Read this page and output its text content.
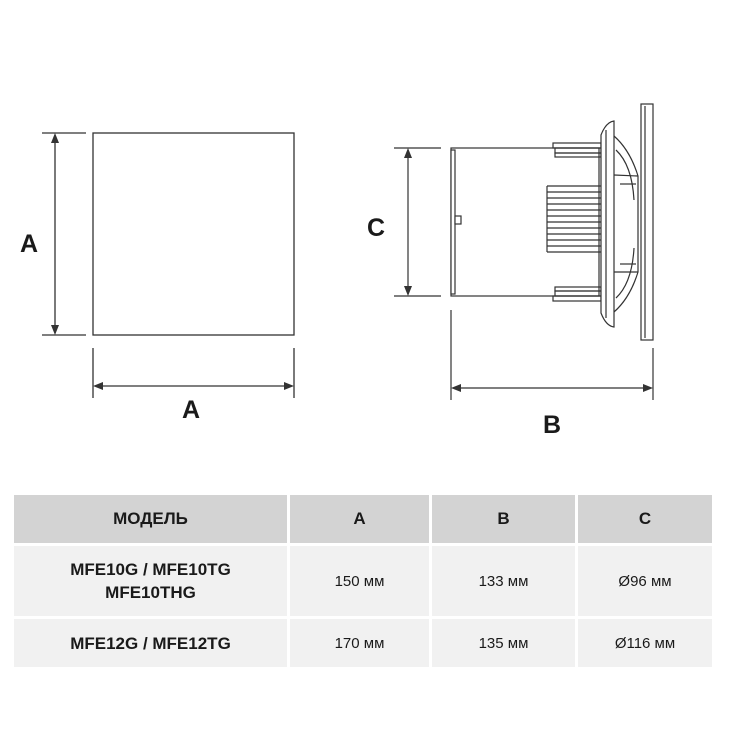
A
A
C
B
МОДЕЛЬ	A	B	C

MFE10G / MFE10TG
MFE10THG	150 мм	133 мм	Ø96 мм

MFE12G / MFE12TG	170 мм	135 мм	Ø116 мм
